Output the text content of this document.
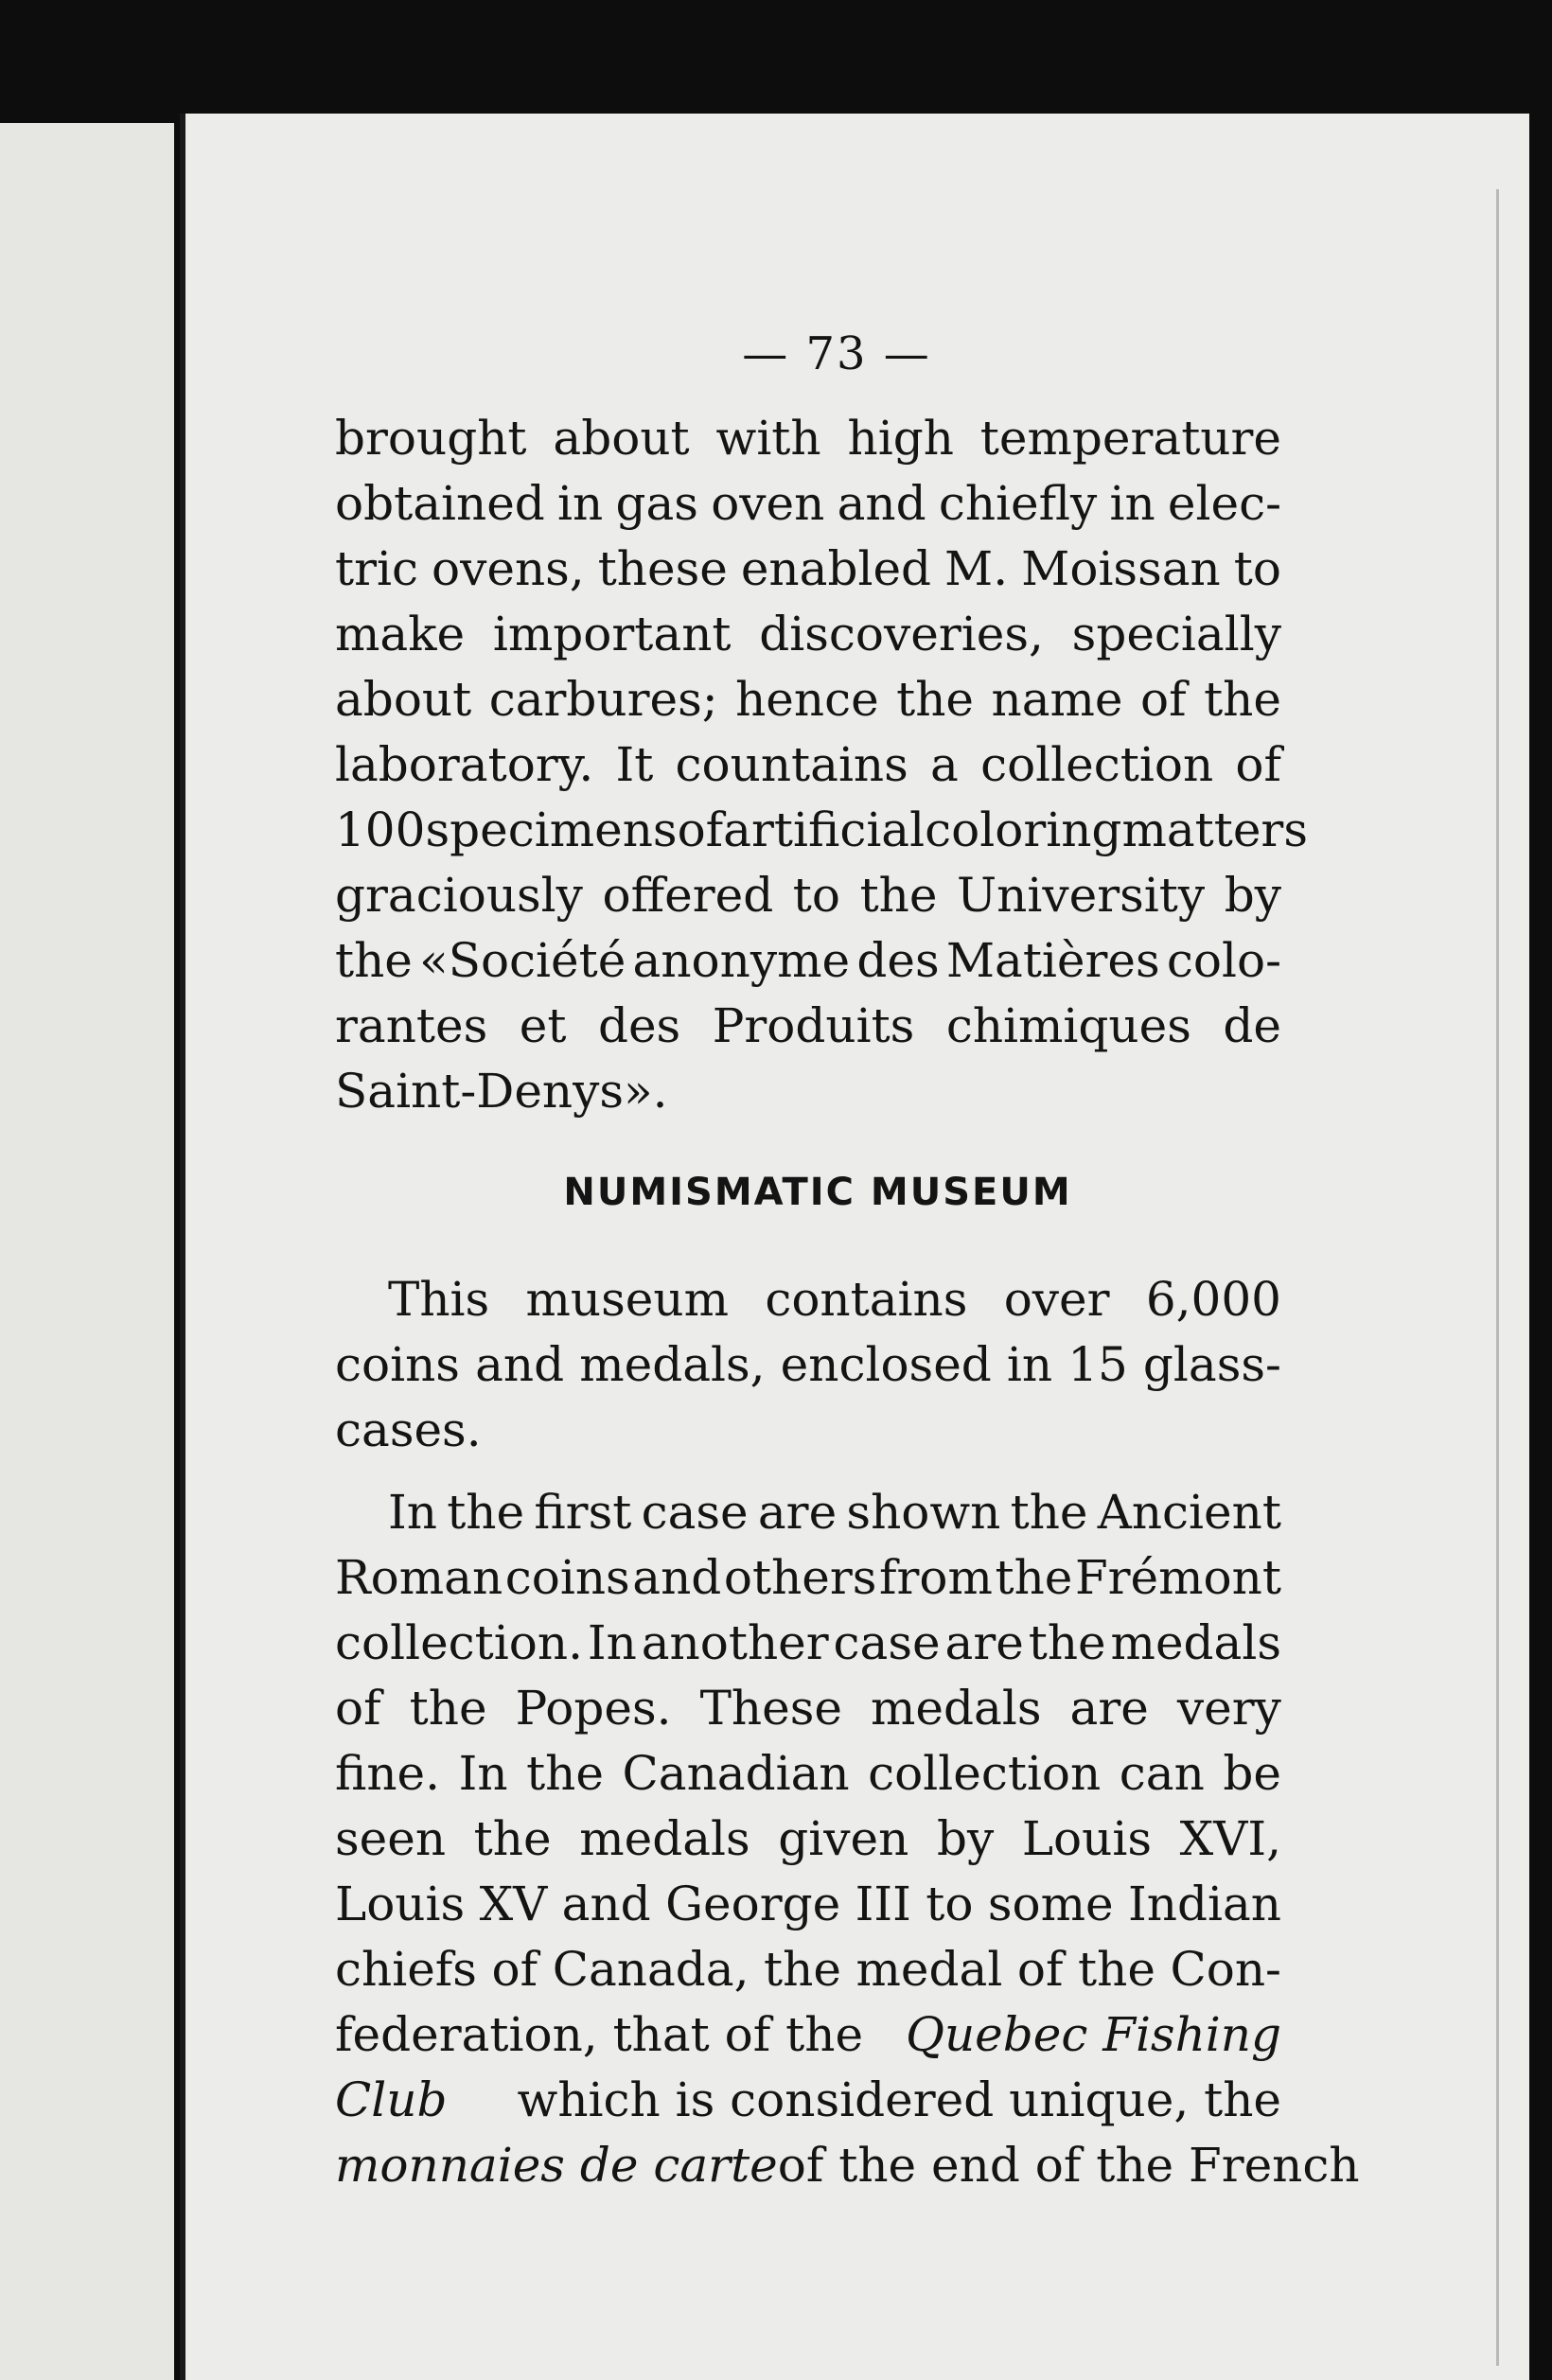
— 73 —
brought about with high temperature
obtained in gas oven and chiefly in elec-
tric ovens, these enabled M. Moissan to
make important discoveries, specially
about carbures; hence the name of the
laboratory. It countains a collection of
100 specimens of artificial coloring matters
graciously offered to the University by
the «Société anonyme des Matières colo-
rantes et des Produits chimiques de
Saint-Denys».
NUMISMATIC MUSEUM
This museum contains over 6,000
coins and medals, enclosed in 15 glass-
cases.
In the first case are shown the Ancient
Roman coins and others from the Frémont
collection. In another case are the medals
of the Popes. These medals are very
fine. In the Canadian collection can be
seen the medals given by Louis XVI,
Louis XV and George III to some Indian
chiefs of Canada, the medal of the Con-
federation, that of the Quebec Fishing
Club which is considered unique, the
monnaies de carte of the end of the French
